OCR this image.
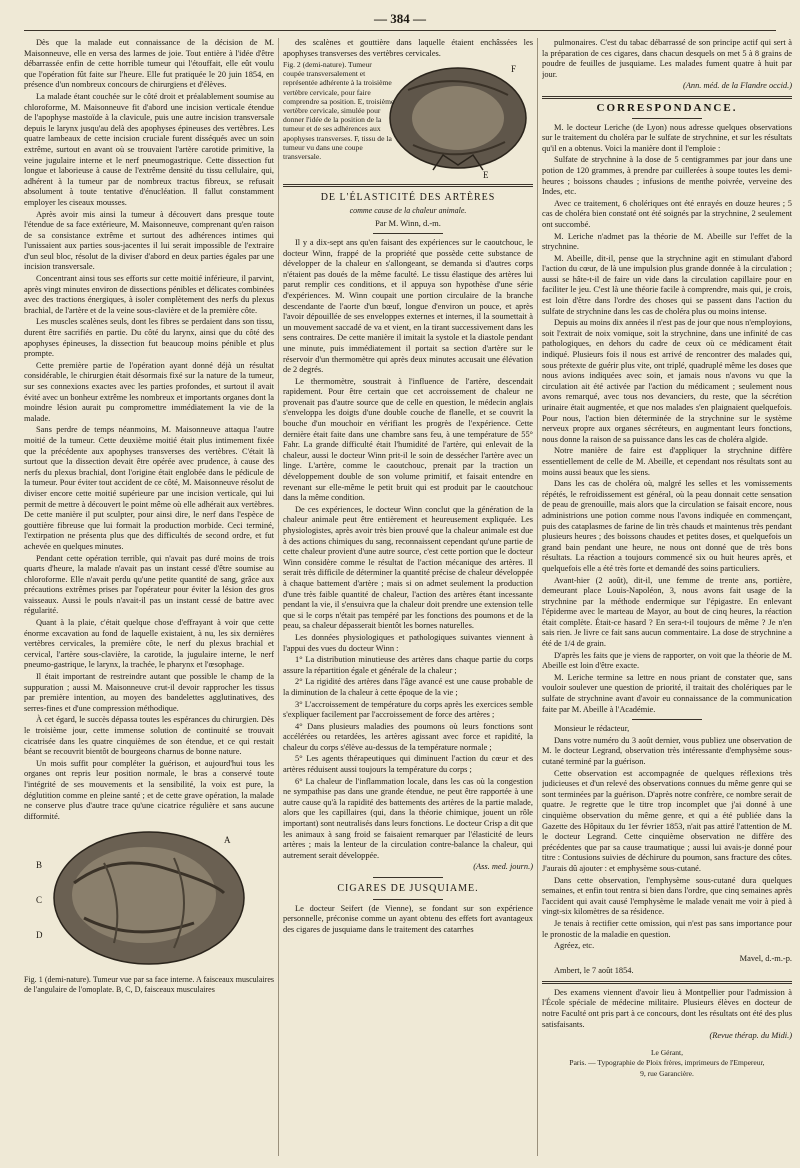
— 384 —

Dès que la malade eut connaissance de la décision de M. Maisonneuve, elle en versa des larmes de joie. Tout entière à l'idée d'être débarrassée enfin de cette horrible tumeur qui l'étouffait, elle eût voulu que l'opération fût faite sur l'heure. Elle fut pratiquée le 20 juin 1854, en présence d'un nombreux concours de chirurgiens et d'élèves.

La malade étant couchée sur le côté droit et préalablement soumise au chloroforme, M. Maisonneuve fit d'abord une incision verticale étendue de l'apophyse mastoïde à la clavicule, puis une autre incision transversale depuis le larynx jusqu'au delà des apophyses épineuses des vertèbres. Les quatre lambeaux de cette incision cruciale furent disséqués avec un soin extrême, surtout en avant où se trouvaient l'artère carotide primitive, la veine jugulaire interne et le nerf pneumogastrique. Cette dissection fut longue et laborieuse à cause de l'extrême densité du tissu cellulaire, qui, adhérent à la tumeur par de nombreux tractus fibreux, se refusait absolument à toute tentative d'énucléation. Il fallut constamment employer les ciseaux mousses.

Après avoir mis ainsi la tumeur à découvert dans presque toute l'étendue de sa face extérieure, M. Maisonneuve, comprenant qu'en raison de sa consistance extrême et surtout des adhérences intimes qui l'unissaient aux parties sous-jacentes il lui serait impossible de l'extraire d'un seul bloc, résolut de la diviser d'abord en deux parties égales par une incision transversale.

Concentrant ainsi tous ses efforts sur cette moitié inférieure, il parvint, après vingt minutes environ de dissections pénibles et délicates combinées avec des tractions énergiques, à isoler complètement des nerfs du plexus brachial, de l'artère et de la veine sous-clavière et de la première côte.

Les muscles scalènes seuls, dont les fibres se perdaient dans son tissu, durent être sacrifiés en partie. Du côté du larynx, ainsi que du côté des apophyses épineuses, la dissection fut beaucoup moins pénible et plus prompte.

Cette première partie de l'opération ayant donné déjà un résultat considérable, le chirurgien était désormais fixé sur la nature de la tumeur, sur ses connexions exactes avec les parties profondes, et surtout il avait évité avec un bonheur extrême les nombreux et importants organes dont la moindre lésion aurait pu compromettre immédiatement la vie de la malade.

Sans perdre de temps néanmoins, M. Maisonneuve attaqua l'autre moitié de la tumeur. Cette deuxième moitié était plus intimement fixée que la précédente aux apophyses transverses des vertèbres. C'était là surtout que la dissection devait être opérée avec prudence, à cause des nerfs du plexus brachial, dont l'origine était englobée dans le pédicule de la tumeur. Pour éviter tout accident de ce côté, M. Maisonneuve résolut de diviser encore cette moitié supérieure par une incision verticale, qui lui permit de mettre à découvert le point même où elle adhérait aux vertèbres. De cette manière il put sculpter, pour ainsi dire, le nerf dans l'espèce de gouttière fibreuse que lui formait la production morbide. Ceci terminé, l'extirpation ne présenta plus que des difficultés de second ordre, et fut achevée en quelques minutes.

Pendant cette opération terrible, qui n'avait pas duré moins de trois quarts d'heure, la malade n'avait pas un instant cessé d'être soumise au chloroforme. Elle n'avait perdu qu'une petite quantité de sang, grâce aux précautions extrêmes prises par l'opérateur pour éviter la lésion des gros vaisseaux. Aussi le pouls n'avait-il pas un instant cessé de battre avec régularité.

Quant à la plaie, c'était quelque chose d'effrayant à voir que cette énorme excavation au fond de laquelle existaient, à nu, les six dernières vertèbres cervicales, la première côte, le nerf du plexus brachial et cervical, l'artère sous-clavière, la carotide, la jugulaire interne, le nerf pneumo-gastrique, le larynx, la trachée, le pharynx et l'œsophage.

Il était important de restreindre autant que possible le champ de la suppuration ; aussi M. Maisonneuve crut-il devoir rapprocher les tissus par première intention, au moyen des bandelettes agglutinatives, des serres-fines et d'une compression méthodique.

À cet égard, le succès dépassa toutes les espérances du chirurgien. Dès le troisième jour, cette immense solution de continuité se trouvait cicatrisée dans les quatre cinquièmes de son étendue, et ce qui restait béant se recouvrit bientôt de bourgeons charnus de bonne nature.

Un mois suffit pour compléter la guérison, et aujourd'hui tous les organes ont repris leur position normale, le bras a conservé toute l'intégrité de ses mouvements et la sensibilité, la voix est pure, la déglutition comme en pleine santé ; et de cette grave opération, la malade ne conserve plus d'autre trace qu'une cicatrice régulière et sans aucune difformité.

A
B
C
D
Fig. 1 (demi-nature). Tumeur vue par sa face interne. A faisceaux musculaires de l'angulaire de l'omoplate. B, C, D, faisceaux musculaires

des scalènes et gouttière dans laquelle étaient enchâssées les apophyses transverses des vertèbres cervicales.

F
E
Fig. 2 (demi-nature). Tumeur coupée transversalement et représentée adhérente à la troisième vertèbre cervicale, pour faire comprendre sa position. E, troisième vertèbre cervicale, simulée pour donner l'idée de la position de la tumeur et de ses adhérences aux apophyses transverses. F, tissu de la tumeur vu dans une coupe transversale.
DE L'ÉLASTICITÉ DES ARTÈRES
comme cause de la chaleur animale.
Par M. Winn, d.-m.

Il y a dix-sept ans qu'en faisant des expériences sur le caoutchouc, le docteur Winn, frappé de la propriété que possède cette substance de développer de la chaleur en s'allongeant, se demanda si d'autres corps n'étaient pas doués de la même faculté. Le tissu élastique des artères lui parut remplir ces conditions, et il appuya son hypothèse d'une série d'expériences. M. Winn coupait une portion circulaire de la branche descendante de l'aorte d'un bœuf, longue d'environ un pouce, et après l'avoir dépouillée de ses enveloppes externes et internes, il la soumettait à un mouvement saccadé de va et vient, en la tirant successivement dans les sens contraires. De cette manière il imitait la systole et la diastole pendant une minute, puis immédiatement il portait sa section d'artère sur le réservoir d'un thermomètre qui après deux minutes accusait une élévation de 2 degrés.

Le thermomètre, soustrait à l'influence de l'artère, descendait rapidement. Pour être certain que cet accroissement de chaleur ne provenait pas d'autre source que de celle en question, le médecin anglais s'enveloppa les doigts d'une double couche de flanelle, et se couvrit la bouche d'un mouchoir en vérifiant les progrès de l'expérience. Cette dernière était faite dans une chambre sans feu, à une température de 55° Fahr. La grande difficulté était l'humidité de l'artère, qui enlevait de la chaleur, aussi le docteur Winn prit-il le soin de dessécher l'artère avec un linge. L'artère, comme le caoutchouc, prenait par la traction un développement double de son volume primitif, et faisait entendre en revenant sur elle-même le petit bruit qui est produit par le caoutchouc dans la même condition.

De ces expériences, le docteur Winn conclut que la génération de la chaleur animale peut être entièrement et heureusement expliquée. Les physiologistes, après avoir très bien prouvé que la chaleur animale est due à des actions chimiques du sang, reconnaissent cependant qu'une partie de cette chaleur provient d'une autre source, c'est cette portion que le docteur Winn considère comme le résultat de l'action mécanique des artères. Il serait très difficile de déterminer la quantité précise de chaleur développée à chaque battement d'artère ; mais si on admet seulement la production d'une très faible quantité de chaleur, l'action des artères étant incessante pendant la vie, il s'ensuivra que la chaleur doit prendre une extension telle que si le corps n'était pas tempéré par les fonctions des poumons et de la peau, sa chaleur dépasserait bientôt les bornes naturelles.

Les données physiologiques et pathologiques suivantes viennent à l'appui des vues du docteur Winn :

1° La distribution minutieuse des artères dans chaque partie du corps assure la répartition égale et générale de la chaleur ;

2° La rigidité des artères dans l'âge avancé est une cause probable de la diminution de la chaleur à cette époque de la vie ;

3° L'accroissement de température du corps après les exercices semble s'expliquer facilement par l'accroissement de force des artères ;

4° Dans plusieurs maladies des poumons où leurs fonctions sont accélérées ou retardées, les artères agissant avec force et rapidité, la chaleur du corps s'élève au-dessus de la température normale ;

5° Les agents thérapeutiques qui diminuent l'action du cœur et des artères réduisent aussi toujours la température du corps ;

6° La chaleur de l'inflammation locale, dans les cas où la congestion ne sympathise pas dans une grande étendue, ne peut être rapportée à une autre cause qu'à la rapidité des battements des artères de la partie malade, alors que les capillaires (qui, dans la théorie chimique, jouent un rôle important) sont neutralisés dans leurs fonctions. Le docteur Crisp a dit que les animaux à sang froid se faisaient remarquer par l'élasticité de leurs artères ; mais la lenteur de la circulation contre-balance la chaleur, qui autrement serait développée.

(Ass. med. journ.)
CIGARES DE JUSQUIAME.

Le docteur Seifert (de Vienne), se fondant sur son expérience personnelle, préconise comme un ayant obtenu des effets fort avantageux des cigares de jusquiame dans le traitement des catarrhes

pulmonaires. C'est du tabac débarrassé de son principe actif qui sert à la préparation de ces cigares, dans chacun desquels on met 5 à 8 grains de poudre de feuilles de jusquiame. Les malades fument quatre à huit par jour.

(Ann. méd. de la Flandre occid.)
CORRESPONDANCE.

M. le docteur Leriche (de Lyon) nous adresse quelques observations sur le traitement du choléra par le sulfate de strychnine, et sur les résultats qu'il en a obtenus. Voici la manière dont il l'emploie :

Sulfate de strychnine à la dose de 5 centigrammes par jour dans une potion de 120 grammes, à prendre par cuillerées à soupe toutes les demi-heures ; boissons chaudes ; infusions de menthe poivrée, verveine des Indes, etc.

Avec ce traitement, 6 cholériques ont été enrayés en douze heures ; 5 cas de choléra bien constaté ont été soignés par la strychnine, 2 seulement ont succombé.

M. Leriche n'admet pas la théorie de M. Abeille sur l'effet de la strychnine.

M. Abeille, dit-il, pense que la strychnine agit en stimulant d'abord l'action du cœur, de là une impulsion plus grande donnée à la circulation ; aussi se hâte-t-il de faire un vide dans la circulation capillaire pour en faciliter le jeu. C'est là une théorie facile à comprendre, mais qui, je crois, est loin d'être dans l'ordre des choses qui se passent dans l'action du sulfate de strychnine dans les cas de choléra plus ou moins intense.

Depuis au moins dix années il n'est pas de jour que nous n'employions, soit l'extrait de noix vomique, soit la strychnine, dans une infinité de cas pathologiques, en dehors du cadre de ceux où ce médicament était indiqué. Plusieurs fois il nous est arrivé de rencontrer des malades qui, sous prétexte de guérir plus vite, ont triplé, quadruplé même les doses que nous avions indiquées avec soin, et jamais nous n'avons vu que la circulation ait été activée par l'action du médicament ; seulement nous avons remarqué, avec tous nos devanciers, du reste, que la sécrétion urinaire était augmentée, et que nos malades s'en plaignaient quelquefois. Pour nous, l'action bien déterminée de la strychnine sur le système nerveux propre aux organes sécréteurs, en augmentant leurs fonctions, nous donne la raison de sa puissance dans les cas de choléra algide.

Notre manière de faire est d'appliquer la strychnine diffère essentiellement de celle de M. Abeille, et cependant nos résultats sont au moins aussi beaux que les siens.

Dans les cas de choléra où, malgré les selles et les vomissements répétés, le refroidissement est général, où la peau donnait cette sensation de peau de grenouille, mais alors que la circulation se faisait encore, nous administrions une potion comme nous l'avons indiquée en commençant, puis des cataplasmes de farine de lin très chauds et maintenus très pendant plusieurs heures ; des boissons chaudes et petites doses, et quelquefois un grand bain pendant une heure, ne nous ont donné que de très bons résultats. La réaction a toujours commencé six ou huit heures après, et quelquefois elle a été très forte et demandé des soins particuliers.

Avant-hier (2 août), dit-il, une femme de trente ans, portière, demeurant place Louis-Napoléon, 3, nous avons fait usage de la strychnine par la méthode endermique sur l'épigastre. En enlevant l'épiderme avec le marteau de Mayor, au bout de cinq heures, la réaction était complète. Était-ce hasard ? En sera-t-il toujours de même ? Je n'en sais rien. Je livre ce fait sans aucun commentaire. La dose de strychnine a été de 1/4 de grain.

D'après les faits que je viens de rapporter, on voit que la théorie de M. Abeille est loin d'être exacte.

M. Leriche termine sa lettre en nous priant de constater que, sans vouloir soulever une question de priorité, il traitait des cholériques par le sulfate de strychnine avant d'avoir eu connaissance de la communication faite par M. Abeille à l'Académie.

Monsieur le rédacteur,

Dans votre numéro du 3 août dernier, vous publiez une observation de M. le docteur Legrand, observation très intéressante d'emphysème sous-cutané terminé par la guérison.

Cette observation est accompagnée de quelques réflexions très judicieuses et d'un relevé des observations connues du même genre qui se sont terminées par la guérison. D'après notre confrère, ce nombre serait de quatre. Je regrette que le titre trop incomplet que j'ai donné à une cinquième observation du même genre, et qui a été publiée dans la Gazette des Hôpitaux du 1er février 1853, n'ait pas attiré l'attention de M. le docteur Legrand. Cette cinquième observation ne diffère des précédentes que par sa cause traumatique ; aussi lui avais-je donné pour titre : Contusions suivies de déchirure du poumon, sans fracture des côtes. J'aurais dû ajouter : et emphysème sous-cutané.

Dans cette observation, l'emphysème sous-cutané dura quelques semaines, et enfin tout rentra si bien dans l'ordre, que cinq semaines après l'accident qui avait causé l'emphysème le malade venait me voir à pied à vingt-six kilomètres de sa résidence.

Je tenais à rectifier cette omission, qui n'est pas sans importance pour le pronostic de la maladie en question.

Agréez, etc.

Mavel, d.-m.-p.

Ambert, le 7 août 1854.

Des examens viennent d'avoir lieu à Montpellier pour l'admission à l'École spéciale de médecine militaire. Plusieurs élèves en docteur de notre Faculté ont pris part à ce concours, dont les résultats ont été des plus satisfaisants.

(Revue thérap. du Midi.)
Le Gérant,
Paris. — Typographie de Ploix frères, imprimeurs de l'Empereur,
9, rue Garancière.
